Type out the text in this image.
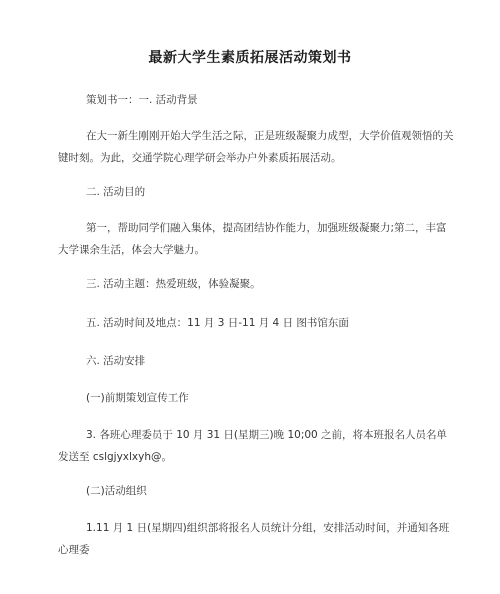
最新大学生素质拓展活动策划书

策划书一：一. 活动背景

在大一新生刚刚开始大学生活之际，正是班级凝聚力成型，大学价值观领悟的关键时刻。为此，交通学院心理学研会举办户外素质拓展活动。

二. 活动目的

第一，帮助同学们融入集体，提高团结协作能力，加强班级凝聚力;第二，丰富大学课余生活，体会大学魅力。

三. 活动主题：热爱班级，体验凝聚。

五. 活动时间及地点：11 月 3 日-11 月 4 日 图书馆东面

六. 活动安排

(一)前期策划宣传工作

3. 各班心理委员于 10 月 31 日(星期三)晚 10;00 之前，将本班报名人员名单发送至 cslgjyxlxyh@。

(二)活动组织

1.11 月 1 日(星期四)组织部将报名人员统计分组，安排活动时间，并通知各班心理委
